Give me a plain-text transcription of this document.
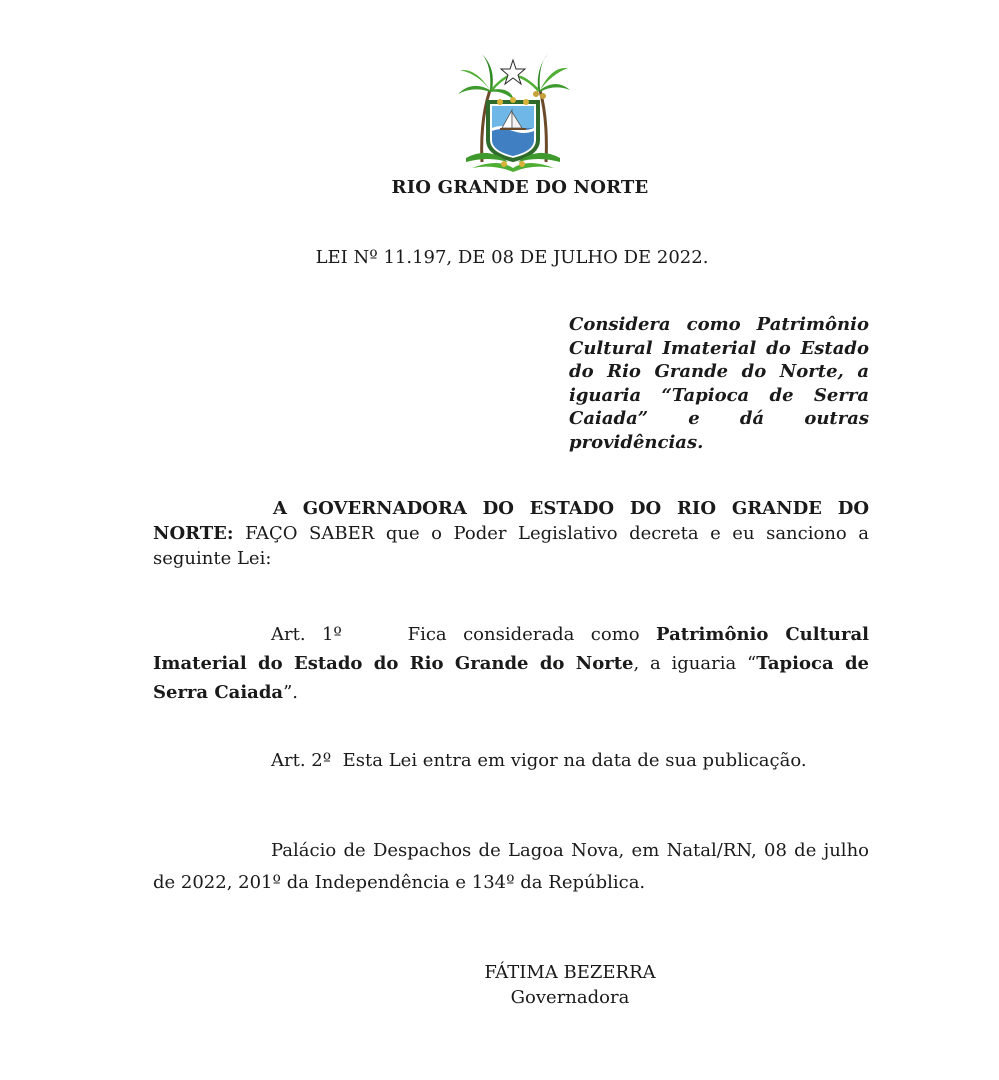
RIO GRANDE DO NORTE
LEI Nº 11.197, DE 08 DE JULHO DE 2022.
Considera como Patrimônio Cultural Imaterial do Estado do Rio Grande do Norte, a iguaria “Tapioca de Serra Caiada” e dá outras providências.
A GOVERNADORA DO ESTADO DO RIO GRANDE DO NORTE: FAÇO SABER que o Poder Legislativo decreta e eu sanciono a seguinte Lei:
Art. 1º	Fica considerada como Patrimônio Cultural Imaterial do Estado do Rio Grande do Norte, a iguaria “Tapioca de Serra Caiada”.
Art. 2º Esta Lei entra em vigor na data de sua publicação.
Palácio de Despachos de Lagoa Nova, em Natal/RN, 08 de julho de 2022, 201º da Independência e 134º da República.
FÁTIMA BEZERRA
Governadora
